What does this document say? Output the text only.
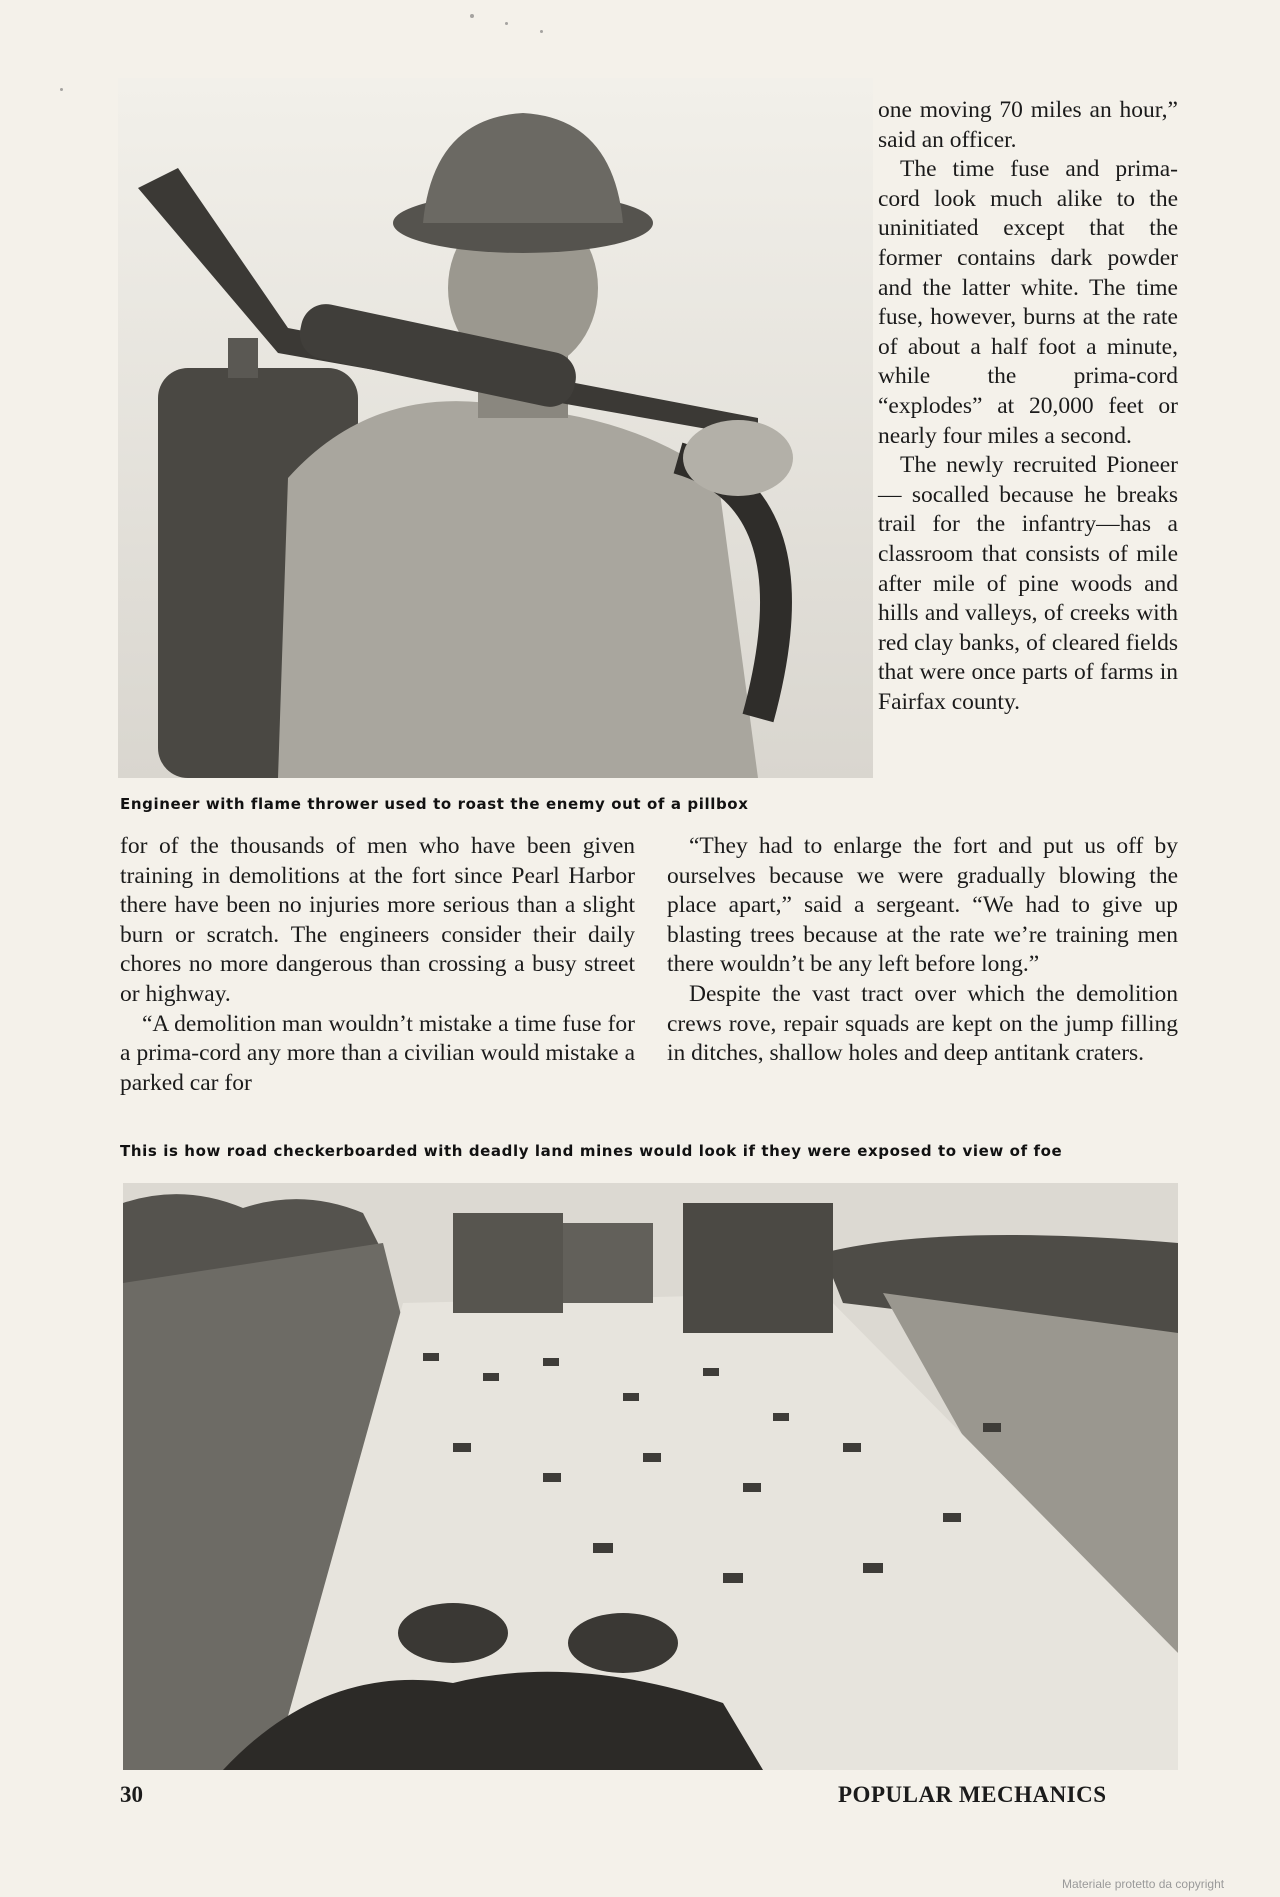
Engineer with flame thrower used to roast the enemy out of a pillbox

one moving 70 miles an hour,” said an officer.

The time fuse and prima-cord look much alike to the uninitiated except that the former contains dark powder and the latter white. The time fuse, however, burns at the rate of about a half foot a minute, while the prima-cord “explodes” at 20,000 feet or nearly four miles a second.

The newly recruited Pioneer — socalled because he breaks trail for the infantry—has a classroom that consists of mile after mile of pine woods and hills and valleys, of creeks with red clay banks, of cleared fields that were once parts of farms in Fairfax county.

for of the thousands of men who have been given training in demolitions at the fort since Pearl Harbor there have been no injuries more serious than a slight burn or scratch. The engineers consider their daily chores no more dangerous than crossing a busy street or highway.

“A demolition man wouldn’t mistake a time fuse for a prima-cord any more than a civilian would mistake a parked car for

“They had to enlarge the fort and put us off by ourselves because we were gradually blowing the place apart,” said a sergeant. “We had to give up blasting trees because at the rate we’re training men there wouldn’t be any left before long.”

Despite the vast tract over which the demolition crews rove, repair squads are kept on the jump filling in ditches, shallow holes and deep antitank craters.

This is how road checkerboarded with deadly land mines would look if they were exposed to view of foe
30	POPULAR MECHANICS
Materiale protetto da copyright
